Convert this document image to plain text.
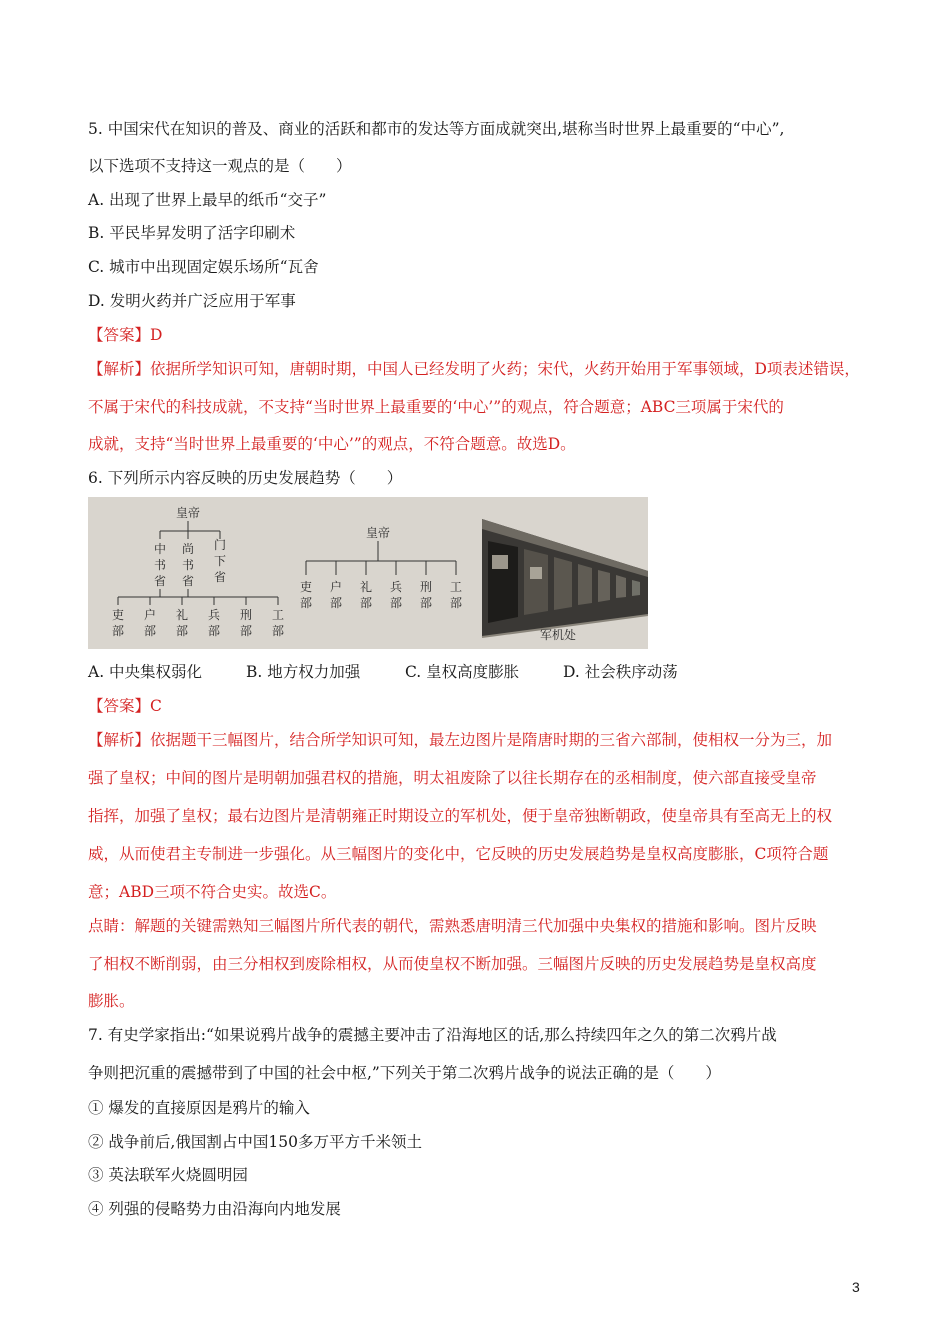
5. 中国宋代在知识的普及、商业的活跃和都市的发达等方面成就突出,堪称当时世界上最重要的“中心”,
以下选项不支持这一观点的是（　　）
A. 出现了世界上最早的纸币“交子”
B. 平民毕昇发明了活字印刷术
C. 城市中出现固定娱乐场所“瓦舍
D. 发明火药并广泛应用于军事
【答案】D
【解析】依据所学知识可知，唐朝时期，中国人已经发明了火药；宋代，火药开始用于军事领域，D项表述错误，
不属于宋代的科技成就，不支持“当时世界上最重要的‘中心’”的观点，符合题意；ABC三项属于宋代的
成就，支持“当时世界上最重要的‘中心’”的观点，不符合题意。故选D。
6. 下列所示内容反映的历史发展趋势（　　）
皇帝
中
书
省
尚
书
省
门
下
省
吏
部
户
部
礼
部
兵
部
刑
部
工
部
皇帝
吏
部
户
部
礼
部
兵
部
刑
部
工
部
军机处
A. 中央集权弱化	B. 地方权力加强	C. 皇权高度膨胀	D. 社会秩序动荡
【答案】C
【解析】依据题干三幅图片，结合所学知识可知，最左边图片是隋唐时期的三省六部制，使相权一分为三，加
强了皇权；中间的图片是明朝加强君权的措施，明太祖废除了以往长期存在的丞相制度，使六部直接受皇帝
指挥，加强了皇权；最右边图片是清朝雍正时期设立的军机处，便于皇帝独断朝政，使皇帝具有至高无上的权
威，从而使君主专制进一步强化。从三幅图片的变化中，它反映的历史发展趋势是皇权高度膨胀，C项符合题
意；ABD三项不符合史实。故选C。
点睛：解题的关键需熟知三幅图片所代表的朝代，需熟悉唐明清三代加强中央集权的措施和影响。图片反映
了相权不断削弱，由三分相权到废除相权，从而使皇权不断加强。三幅图片反映的历史发展趋势是皇权高度
膨胀。
7. 有史学家指出:“如果说鸦片战争的震撼主要冲击了沿海地区的话,那么持续四年之久的第二次鸦片战
争则把沉重的震撼带到了中国的社会中枢,”下列关于第二次鸦片战争的说法正确的是（　　）
① 爆发的直接原因是鸦片的输入
② 战争前后,俄国割占中国150多万平方千米领土
③ 英法联军火烧圆明园
④ 列强的侵略势力由沿海向内地发展
3
